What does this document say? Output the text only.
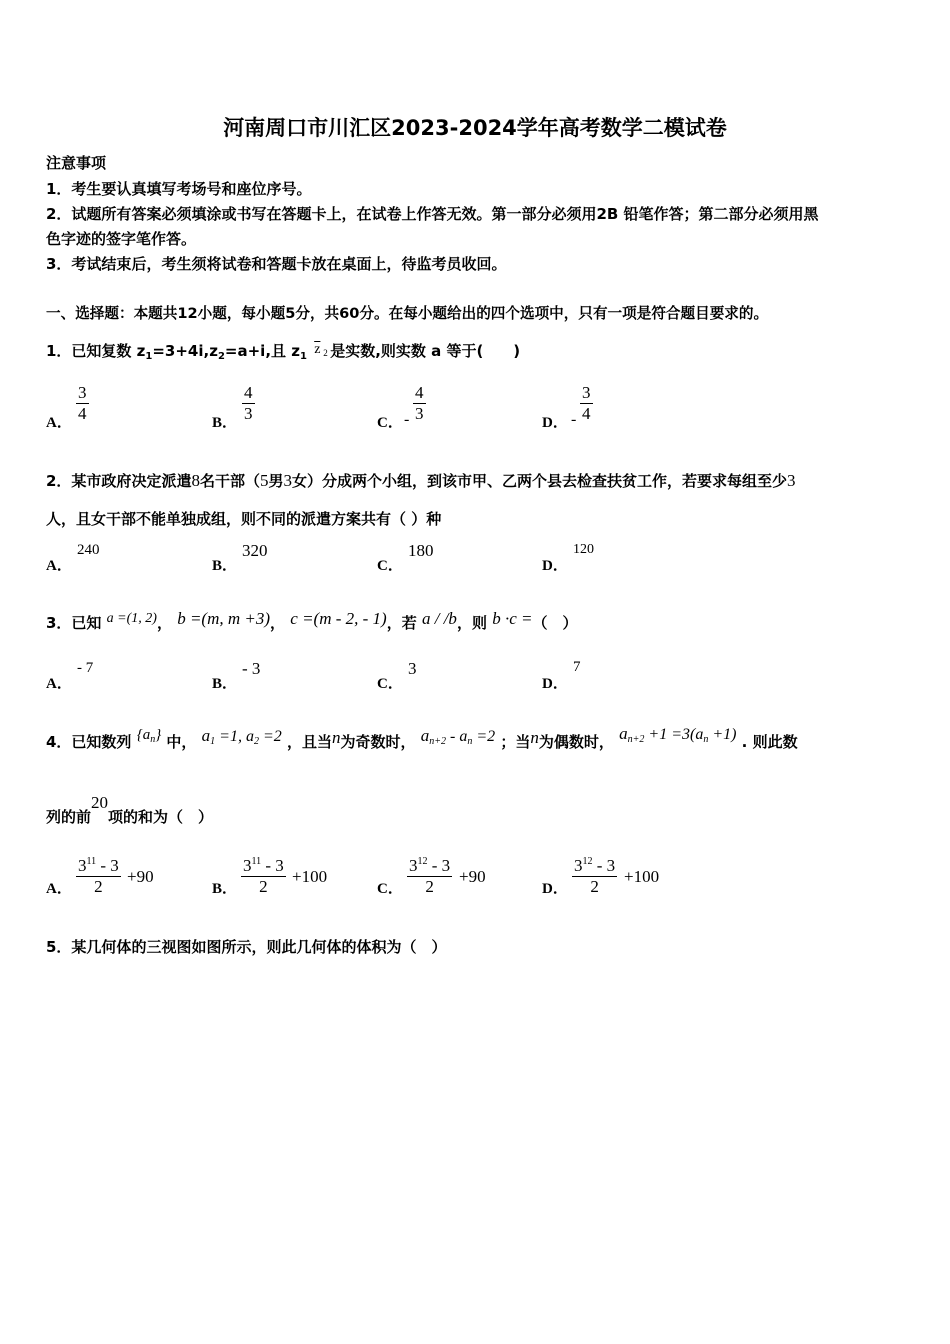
河南周口市川汇区2023-2024学年高考数学二模试卷
注意事项
1．考生要认真填写考场号和座位序号。
2．试题所有答案必须填涂或书写在答题卡上，在试卷上作答无效。第一部分必须用2B 铅笔作答；第二部分必须用黑
色字迹的签字笔作答。
3．考试结束后，考生须将试卷和答题卡放在桌面上，待监考员收回。
一、选择题：本题共12小题，每小题5分，共60分。在每小题给出的四个选项中，只有一项是符合题目要求的。
1．已知复数 $z_1=3+4i,z_2=a+i$,且 $z_1$ $\overline{z}$ 2 是实数,则实数 a 等于(　　)
A．
3
4	B．
4
3	C． -
4
3	D． -
3
4
2．某市政府决定派遣8名干部（5男3女）分成两个小组，到该市甲、乙两个县去检查扶贫工作，若要求每组至少3
人，且女干部不能单独成组，则不同的派遣方案共有（ ）种
A．
240
B．
320
C．
180
D．
120
3．已知 a =(1, 2)， b =(m, m +3)， c =(m - 2, - 1)，若 a / /b，则 b ·c =（　）
A．
- 7
B．
- 3
C．
3
D．
7
4．已知数列 $\{a_n\}$ 中， $a_1 =1$, $a_2 =2$ ，且当n为奇数时， $a_{n+2} - a_n =2$ ；当n为偶数时， $a_{n+2} +1 =3(a_n +1)$ . 则此数
列的前20项的和为（　）
A． $\frac{3^{11} - 3}{2} +90$
B． $\frac{3^{11} - 3}{2} +100$
C． $\frac{3^{12} - 3}{2} +90$
D． $\frac{3^{12} - 3}{2} +100$
5．某几何体的三视图如图所示，则此几何体的体积为（　）
